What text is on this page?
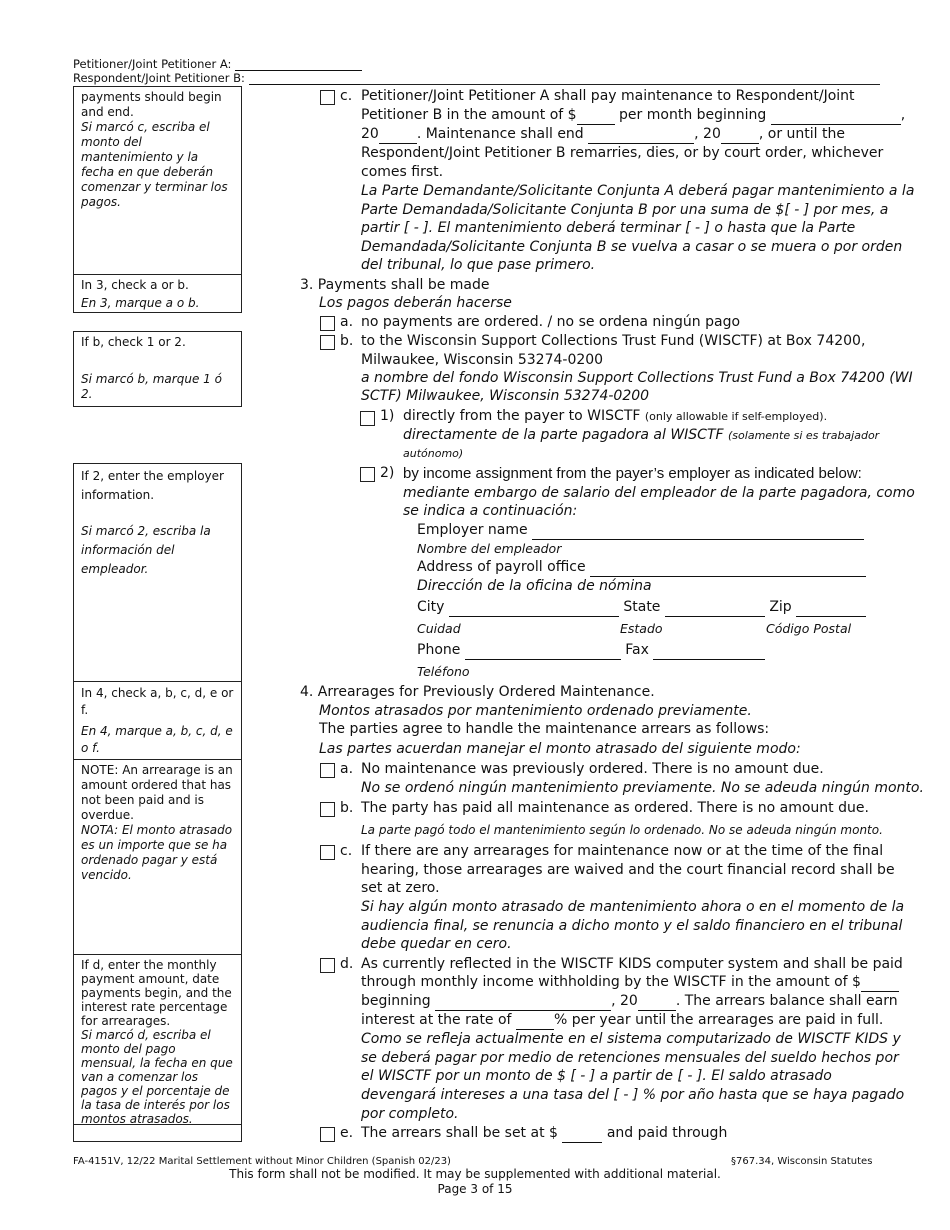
Petitioner/Joint Petitioner A:
Respondent/Joint Petitioner B:
payments should begin and end.
Si marcó c, escriba el monto del mantenimiento y la fecha en que deberán comenzar y terminar los pagos.
In 3, check a or b.
En 3, marque a o b.
If b, check 1 or 2.
Si marcó b, marque 1 ó 2.
If 2, enter the employer information.
Si marcó 2, escriba la información del empleador.
In 4, check a, b, c, d, e or f.
En 4, marque a, b, c, d, e o f.
NOTE: An arrearage is an amount ordered that has not been paid and is overdue.
NOTA: El monto atrasado es un importe que se ha ordenado pagar y está vencido.
If d, enter the monthly payment amount, date payments begin, and the interest rate percentage for arrearages.
Si marcó d, escriba el monto del pago mensual, la fecha en que van a comenzar los pagos y el porcentaje de la tasa de interés por los montos atrasados.
c. Petitioner/Joint Petitioner A shall pay maintenance to Respondent/Joint
Petitioner B in the amount of $	per month beginning	,
20	. Maintenance shall end	, 20	, or until the
Respondent/Joint Petitioner B remarries, dies, or by court order, whichever
comes first.
La Parte Demandante/Solicitante Conjunta A deberá pagar mantenimiento a la
Parte Demandada/Solicitante Conjunta B por una suma de $[ - ] por mes, a
partir [ - ]. El mantenimiento deberá terminar [ - ] o hasta que la Parte
Demandada/Solicitante Conjunta B se vuelva a casar o se muera o por orden
del tribunal, lo que pase primero.
3. Payments shall be made
Los pagos deberán hacerse
a. no payments are ordered. / no se ordena ningún pago
b. to the Wisconsin Support Collections Trust Fund (WISCTF) at Box 74200,
Milwaukee, Wisconsin 53274-0200
a nombre del fondo Wisconsin Support Collections Trust Fund a Box 74200 (WI
SCTF) Milwaukee, Wisconsin 53274-0200
1) directly from the payer to WISCTF (only allowable if self-employed).
directamente de la parte pagadora al WISCTF (solamente si es trabajador
autónomo)
2) by income assignment from the payer’s employer as indicated below:
mediante embargo de salario del empleador de la parte pagadora, como
se indica a continuación:
Employer name
Nombre del empleador
Address of payroll office
Dirección de la oficina de nómina
City	State	Zip
Cuidad	Estado	Código Postal
Phone	Fax
Teléfono
4. Arrearages for Previously Ordered Maintenance.
Montos atrasados por mantenimiento ordenado previamente.
The parties agree to handle the maintenance arrears as follows:
Las partes acuerdan manejar el monto atrasado del siguiente modo:
a. No maintenance was previously ordered. There is no amount due.
No se ordenó ningún mantenimiento previamente. No se adeuda ningún monto.
b. The party has paid all maintenance as ordered. There is no amount due.
La parte pagó todo el mantenimiento según lo ordenado. No se adeuda ningún monto.
c. If there are any arrearages for maintenance now or at the time of the final
hearing, those arrearages are waived and the court financial record shall be
set at zero.
Si hay algún monto atrasado de mantenimiento ahora o en el momento de la
audiencia final, se renuncia a dicho monto y el saldo financiero en el tribunal
debe quedar en cero.
d. As currently reflected in the WISCTF KIDS computer system and shall be paid
through monthly income withholding by the WISCTF in the amount of $
beginning	, 20	. The arrears balance shall earn
interest at the rate of	% per year until the arrearages are paid in full.
Como se refleja actualmente en el sistema computarizado de WISCTF KIDS y
se deberá pagar por medio de retenciones mensuales del sueldo hechos por
el WISCTF por un monto de $ [ - ] a partir de [ - ]. El saldo atrasado
devengará intereses a una tasa del [ - ] % por año hasta que se haya pagado
por completo.
e. The arrears shall be set at $	and paid through
FA-4151V, 12/22 Marital Settlement without Minor Children (Spanish 02/23)	§767.34, Wisconsin Statutes
This form shall not be modified. It may be supplemented with additional material.
Page 3 of 15
